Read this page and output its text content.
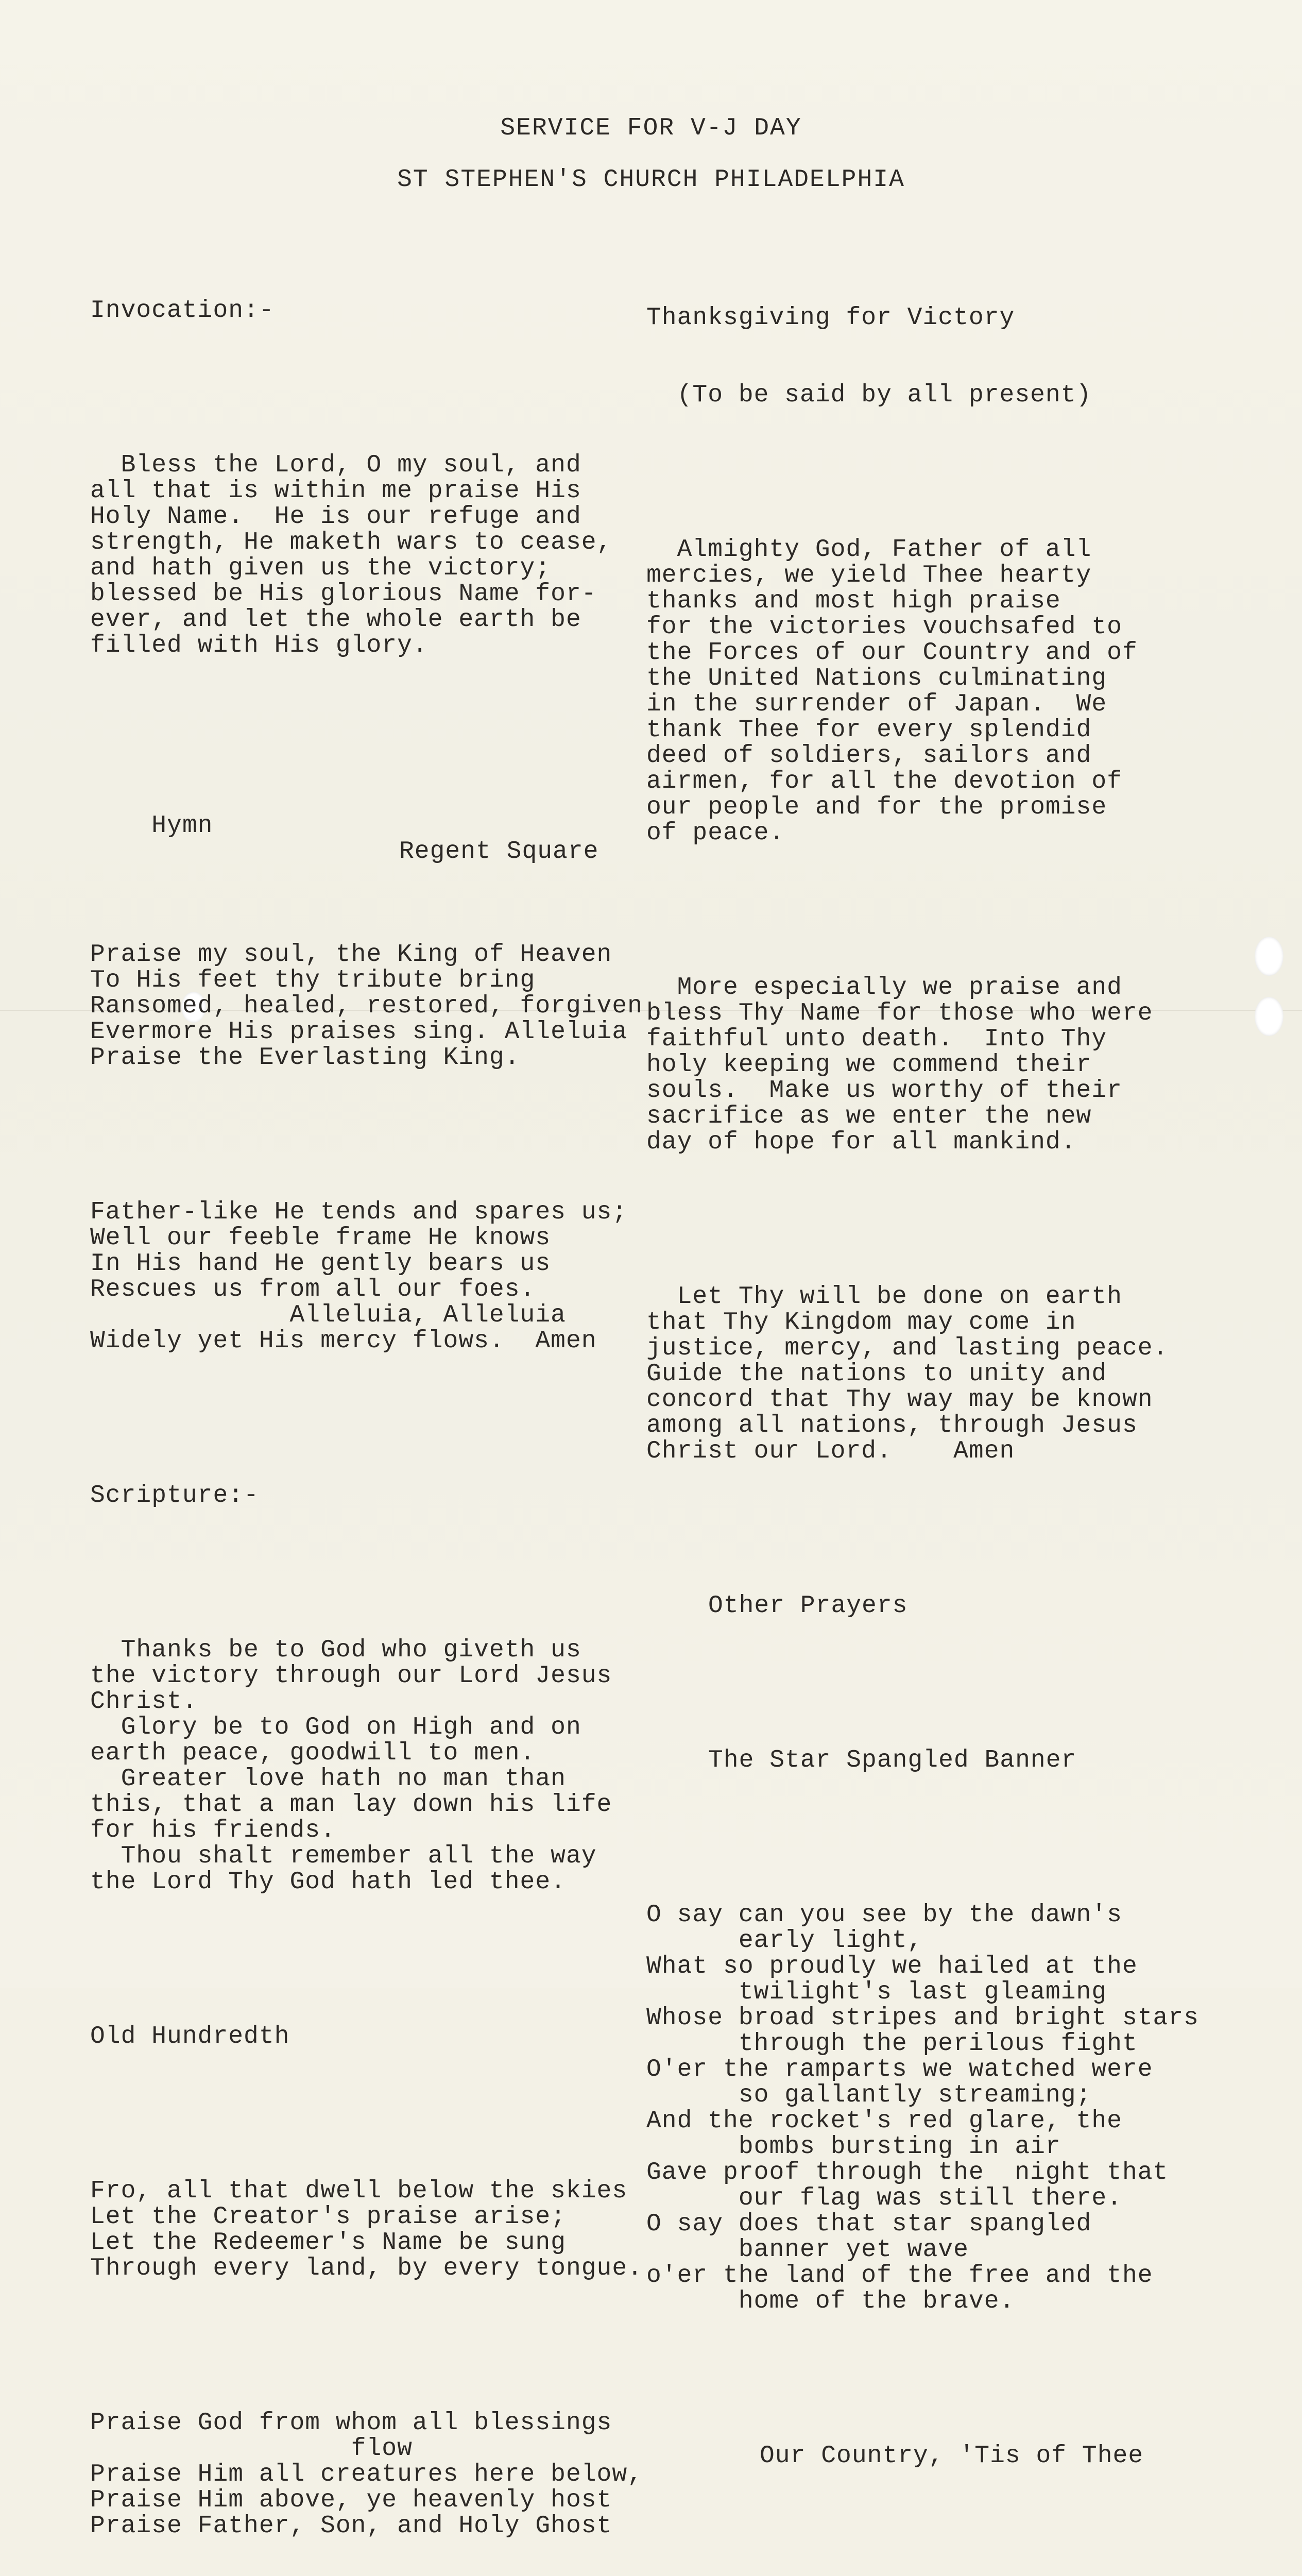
SERVICE FOR V-J DAY
ST STEPHEN'S CHURCH PHILADELPHIA

Invocation:-

Bless the Lord, O my soul, and
all that is within me praise His
Holy Name.  He is our refuge and
strength, He maketh wars to cease,
and hath given us the victory;
blessed be His glorious Name for-
ever, and let the whole earth be
filled with His glory.

Hymn

Regent Square

Praise my soul, the King of Heaven
To His feet thy tribute bring
Ransomed, healed, restored, forgiven
Evermore His praises sing. Alleluia
Praise the Everlasting King.

Father-like He tends and spares us;
Well our feeble frame He knows
In His hand He gently bears us
Rescues us from all our foes.
Alleluia, Alleluia
Widely yet His mercy flows.  Amen

Scripture:-

Thanks be to God who giveth us
the victory through our Lord Jesus
Christ.
Glory be to God on High and on
earth peace, goodwill to men.
Greater love hath no man than
this, that a man lay down his life
for his friends.
Thou shalt remember all the way
the Lord Thy God hath led thee.

Old Hundredth

Fro, all that dwell below the skies
Let the Creator's praise arise;
Let the Redeemer's Name be sung
Through every land, by every tongue.

Praise God from whom all blessings
flow
Praise Him all creatures here below,
Praise Him above, ye heavenly host
Praise Father, Son, and Holy Ghost

Thanksgiving for Victory

(To be said by all present)

Almighty God, Father of all
mercies, we yield Thee hearty
thanks and most high praise
for the victories vouchsafed to
the Forces of our Country and of
the United Nations culminating
in the surrender of Japan.  We
thank Thee for every splendid
deed of soldiers, sailors and
airmen, for all the devotion of
our people and for the promise
of peace.

More especially we praise and
bless Thy Name for those who were
faithful unto death.  Into Thy
holy keeping we commend their
souls.  Make us worthy of their
sacrifice as we enter the new
day of hope for all mankind.

Let Thy will be done on earth
that Thy Kingdom may come in
justice, mercy, and lasting peace.
Guide the nations to unity and
concord that Thy way may be known
among all nations, through Jesus
Christ our Lord.    Amen

Other Prayers

The Star Spangled Banner

O say can you see by the dawn's
early light,
What so proudly we hailed at the
twilight's last gleaming
Whose broad stripes and bright stars
through the perilous fight
O'er the ramparts we watched were
so gallantly streaming;
And the rocket's red glare, the
bombs bursting in air
Gave proof through the  night that
our flag was still there.
O say does that star spangled
banner yet wave
o'er the land of the free and the
home of the brave.

Our Country, 'Tis of Thee
